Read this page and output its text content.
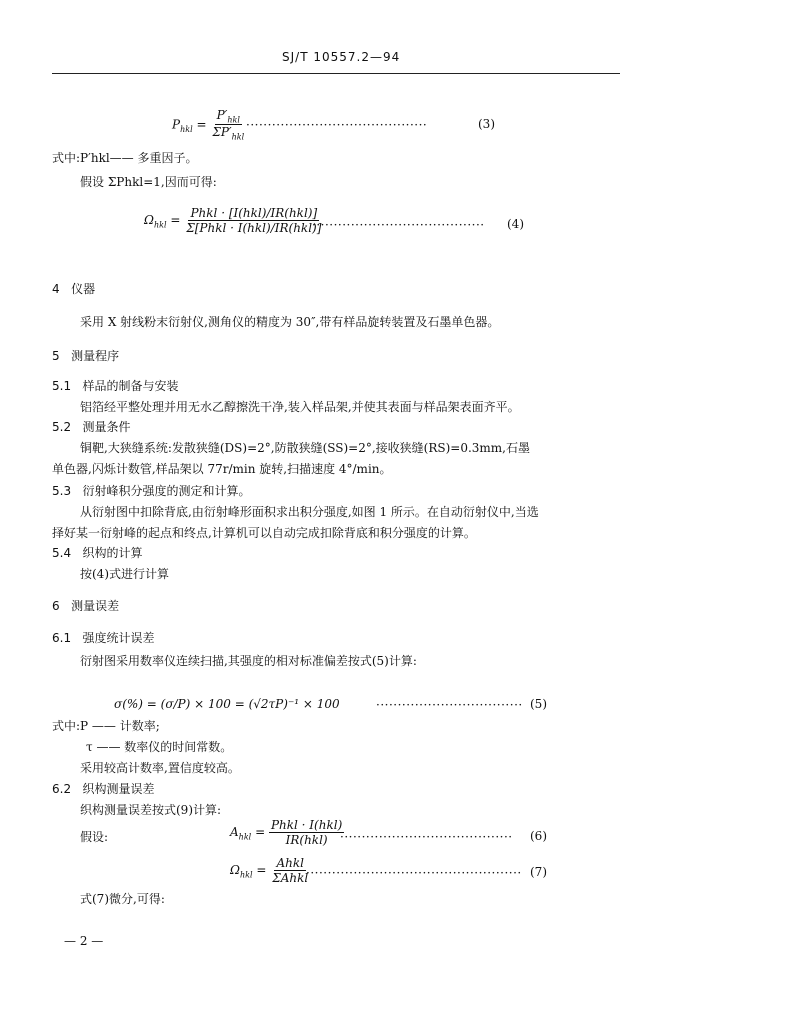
SJ/T 10557.2—94
$P_{hkl} = \frac{P'_{hkl}}{\Sigma P'_{hkl}}$ ··········································	(3)
式中:P′hkl—— 多重因子。
假设 ΣPhkl=1,因而可得:
$\Omega_{hkl} = \frac{\text{Phkl · [I(hkl)/IR(hkl)]}}{\text{Σ[Phkl · I(hkl)/IR(hkl)]}}$
········································ (4)
4 仪器
采用 X 射线粉末衍射仪,测角仪的精度为 30″,带有样品旋转装置及石墨单色器。
5 测量程序
5.1 样品的制备与安装
铝箔经平整处理并用无水乙醇擦洗干净,装入样品架,并使其表面与样品架表面齐平。
5.2 测量条件
铜靶,大狭缝系统:发散狭缝(DS)=2°,防散狭缝(SS)=2°,接收狭缝(RS)=0.3mm,石墨
单色器,闪烁计数管,样品架以 77r/min 旋转,扫描速度 4°/min。
5.3 衍射峰积分强度的测定和计算。
从衍射图中扣除背底,由衍射峰形面积求出积分强度,如图 1 所示。在自动衍射仪中,当选
择好某一衍射峰的起点和终点,计算机可以自动完成扣除背底和积分强度的计算。
5.4 织构的计算
按(4)式进行计算
6 测量误差
6.1 强度统计误差
衍射图采用数率仪连续扫描,其强度的相对标准偏差按式(5)计算:
σ(%) = (σ/P) × 100 = (√2τP)⁻¹ × 100	·································· (5)
式中:P —— 计数率;
τ —— 数率仪的时间常数。
采用较高计数率,置信度较高。
6.2 织构测量误差
织构测量误差按式(9)计算:
假设:	$A_{hkl} = \frac{\text{Phkl · I(hkl)}}{\text{IR(hkl)}}$
········································ (6)
$\Omega_{hkl} = \frac{\text{Ahkl}}{\text{ΣAhkl}}$
·················································· (7)
式(7)微分,可得:
— 2 —
